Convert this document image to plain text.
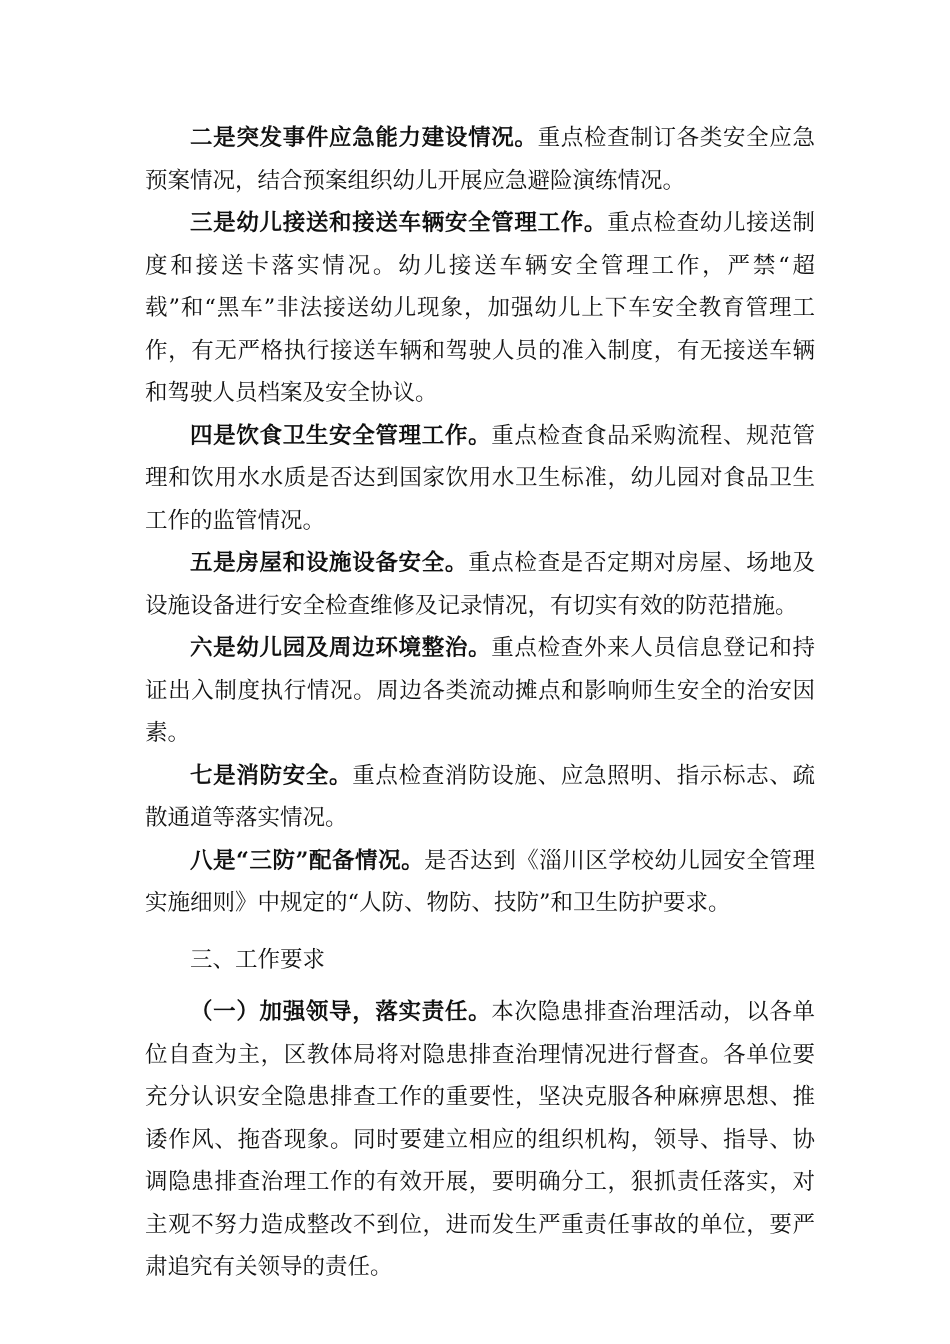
二是突发事件应急能力建设情况。重点检查制订各类安全应急预案情况，结合预案组织幼儿开展应急避险演练情况。

三是幼儿接送和接送车辆安全管理工作。重点检查幼儿接送制度和接送卡落实情况。幼儿接送车辆安全管理工作，严禁“超载”和“黑车”非法接送幼儿现象，加强幼儿上下车安全教育管理工作，有无严格执行接送车辆和驾驶人员的准入制度，有无接送车辆和驾驶人员档案及安全协议。

四是饮食卫生安全管理工作。重点检查食品采购流程、规范管理和饮用水水质是否达到国家饮用水卫生标准，幼儿园对食品卫生工作的监管情况。

五是房屋和设施设备安全。重点检查是否定期对房屋、场地及设施设备进行安全检查维修及记录情况，有切实有效的防范措施。

六是幼儿园及周边环境整治。重点检查外来人员信息登记和持证出入制度执行情况。周边各类流动摊点和影响师生安全的治安因素。

七是消防安全。重点检查消防设施、应急照明、指示标志、疏散通道等落实情况。

八是“三防”配备情况。是否达到《淄川区学校幼儿园安全管理实施细则》中规定的“人防、物防、技防”和卫生防护要求。

三、工作要求

（一）加强领导，落实责任。本次隐患排查治理活动，以各单位自查为主，区教体局将对隐患排查治理情况进行督查。各单位要充分认识安全隐患排查工作的重要性，坚决克服各种麻痹思想、推诿作风、拖沓现象。同时要建立相应的组织机构，领导、指导、协调隐患排查治理工作的有效开展，要明确分工，狠抓责任落实，对主观不努力造成整改不到位，进而发生严重责任事故的单位，要严肃追究有关领导的责任。
